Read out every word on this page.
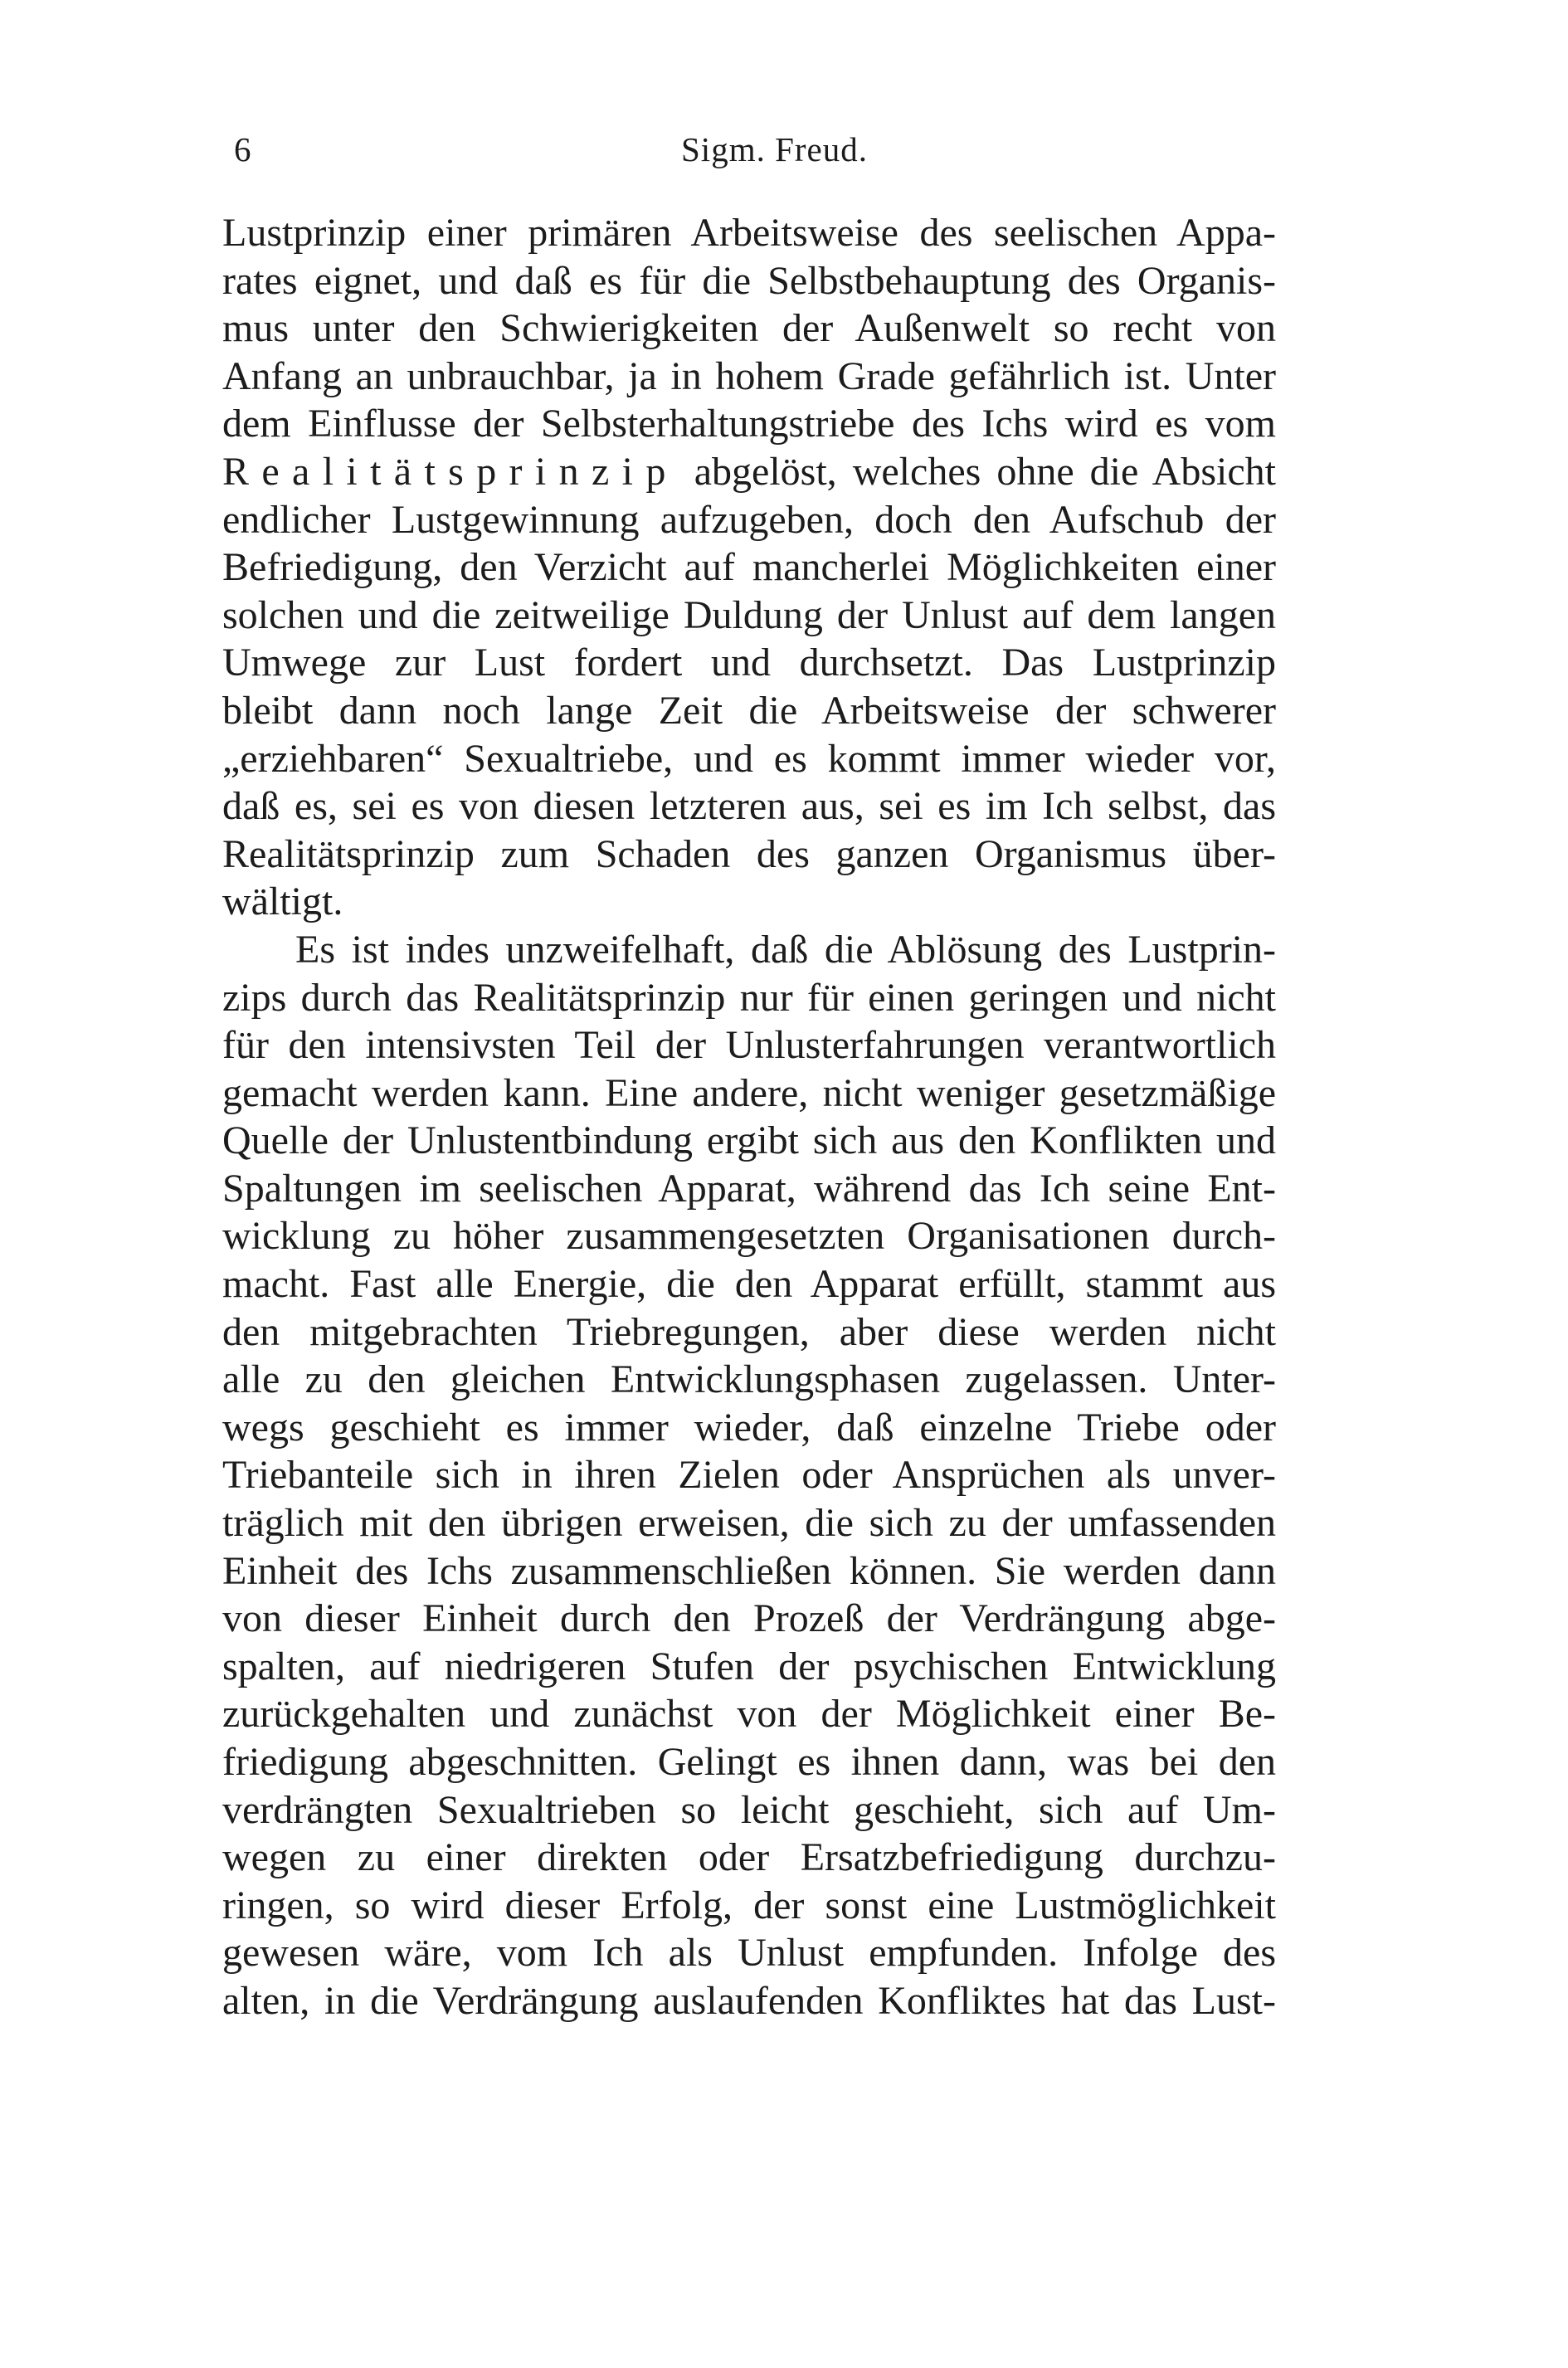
6	Sigm. Freud.
Lustprinzip einer primären Arbeitsweise des seelischen Appa-
rates eignet, und daß es für die Selbstbehauptung des Organis-
mus unter den Schwierigkeiten der Außenwelt so recht von
Anfang an unbrauchbar, ja in hohem Grade gefährlich ist. Unter
dem Einflusse der Selbsterhaltungstriebe des Ichs wird es vom
Realitätsprinzip abgelöst, welches ohne die Absicht
endlicher Lustgewinnung aufzugeben, doch den Aufschub der
Befriedigung, den Verzicht auf mancherlei Möglichkeiten einer
solchen und die zeitweilige Duldung der Unlust auf dem langen
Umwege zur Lust fordert und durchsetzt. Das Lustprinzip
bleibt dann noch lange Zeit die Arbeitsweise der schwerer
„erziehbaren“ Sexualtriebe, und es kommt immer wieder vor,
daß es, sei es von diesen letzteren aus, sei es im Ich selbst, das
Realitätsprinzip zum Schaden des ganzen Organismus über-
wältigt.
Es ist indes unzweifelhaft, daß die Ablösung des Lustprin-
zips durch das Realitätsprinzip nur für einen geringen und nicht
für den intensivsten Teil der Unlusterfahrungen verantwortlich
gemacht werden kann. Eine andere, nicht weniger gesetzmäßige
Quelle der Unlustentbindung ergibt sich aus den Konflikten und
Spaltungen im seelischen Apparat, während das Ich seine Ent-
wicklung zu höher zusammengesetzten Organisationen durch-
macht. Fast alle Energie, die den Apparat erfüllt, stammt aus
den mitgebrachten Triebregungen, aber diese werden nicht
alle zu den gleichen Entwicklungsphasen zugelassen. Unter-
wegs geschieht es immer wieder, daß einzelne Triebe oder
Triebanteile sich in ihren Zielen oder Ansprüchen als unver-
träglich mit den übrigen erweisen, die sich zu der umfassenden
Einheit des Ichs zusammenschließen können. Sie werden dann
von dieser Einheit durch den Prozeß der Verdrängung abge-
spalten, auf niedrigeren Stufen der psychischen Entwicklung
zurückgehalten und zunächst von der Möglichkeit einer Be-
friedigung abgeschnitten. Gelingt es ihnen dann, was bei den
verdrängten Sexualtrieben so leicht geschieht, sich auf Um-
wegen zu einer direkten oder Ersatzbefriedigung durchzu-
ringen, so wird dieser Erfolg, der sonst eine Lustmöglichkeit
gewesen wäre, vom Ich als Unlust empfunden. Infolge des
alten, in die Verdrängung auslaufenden Konfliktes hat das Lust-
